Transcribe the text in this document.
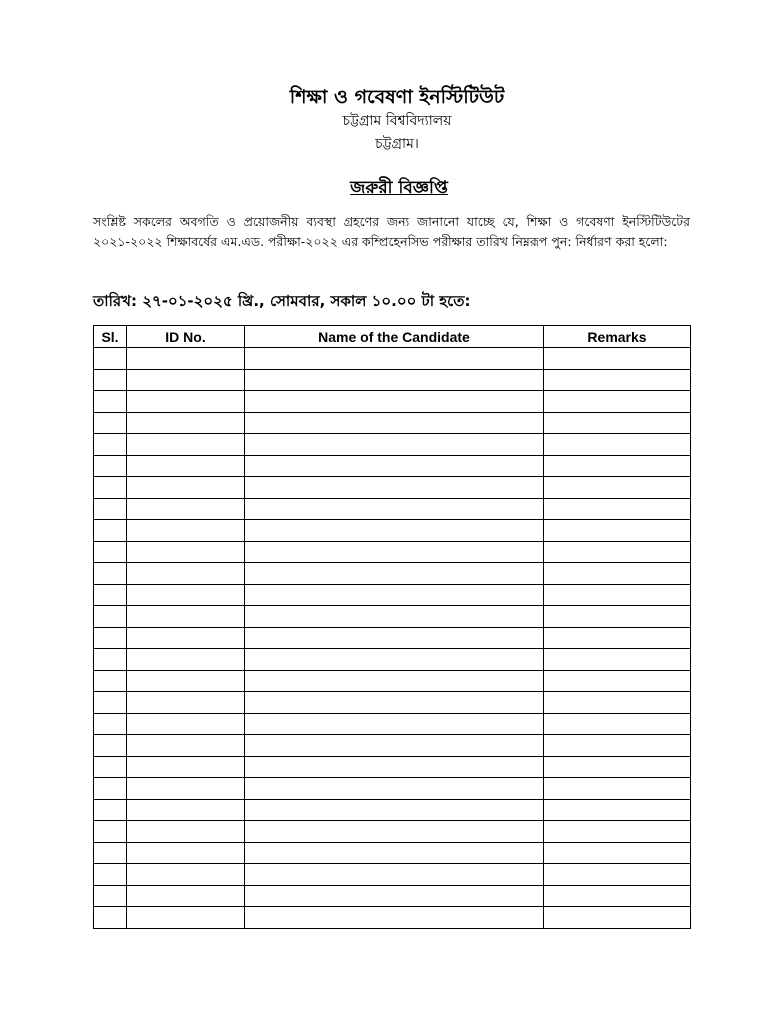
শিক্ষা ও গবেষণা ইনস্টিটিউট
চট্টগ্রাম বিশ্ববিদ্যালয়
চট্টগ্রাম।
জরুরী বিজ্ঞপ্তি
সংশ্লিষ্ট সকলের অবগতি ও প্রয়োজনীয় ব্যবস্থা গ্রহণের জন্য জানানো যাচ্ছে যে, শিক্ষা ও গবেষণা ইনস্টিটিউটের ২০২১-২০২২ শিক্ষাবর্ষের এম.এড. পরীক্ষা-২০২২ এর কম্প্রিহেনসিভ পরীক্ষার তারিখ নিম্নরূপ পুন: নির্ধারণ করা হলো:
তারিখ: ২৭-০১-২০২৫ খ্রি., সোমবার, সকাল ১০.০০ টা হতে:
Sl.	ID No.	Name of the Candidate	Remarks
